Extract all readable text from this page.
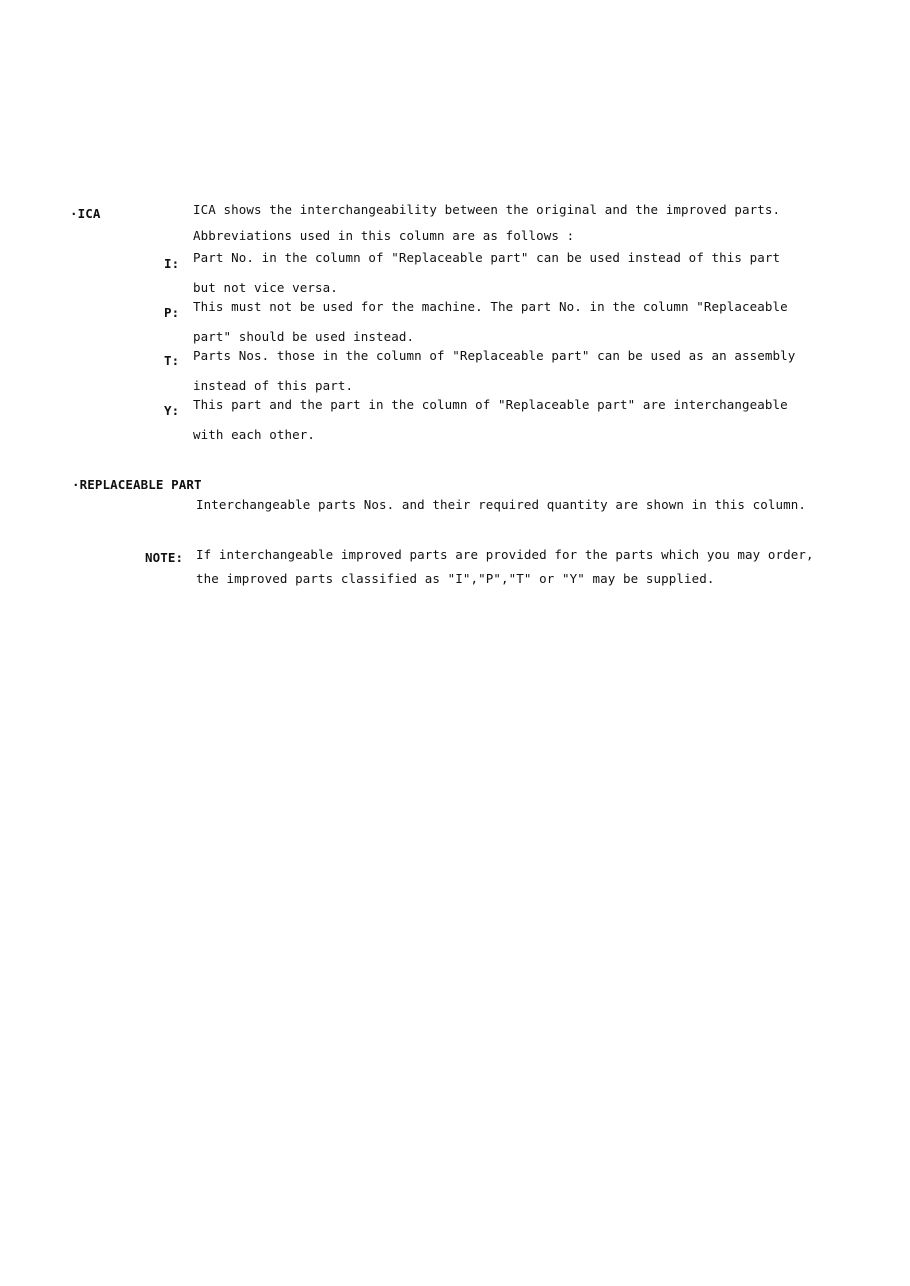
·ICA	ICA shows the interchangeability between the original and the improved parts.
Abbreviations used in this column are as follows :
I: Part No. in the column of "Replaceable part" can be used instead of this part
but not vice versa.
P: This must not be used for the machine. The part No. in the column "Replaceable
part" should be used instead.
T: Parts Nos. those in the column of "Replaceable part" can be used as an assembly
instead of this part.
Y: This part and the part in the column of "Replaceable part" are interchangeable
with each other.
·REPLACEABLE PART
Interchangeable parts Nos. and their required quantity are shown in this column.
NOTE: If interchangeable improved parts are provided for the parts which you may order,
the improved parts classified as "I","P","T" or "Y" may be supplied.
